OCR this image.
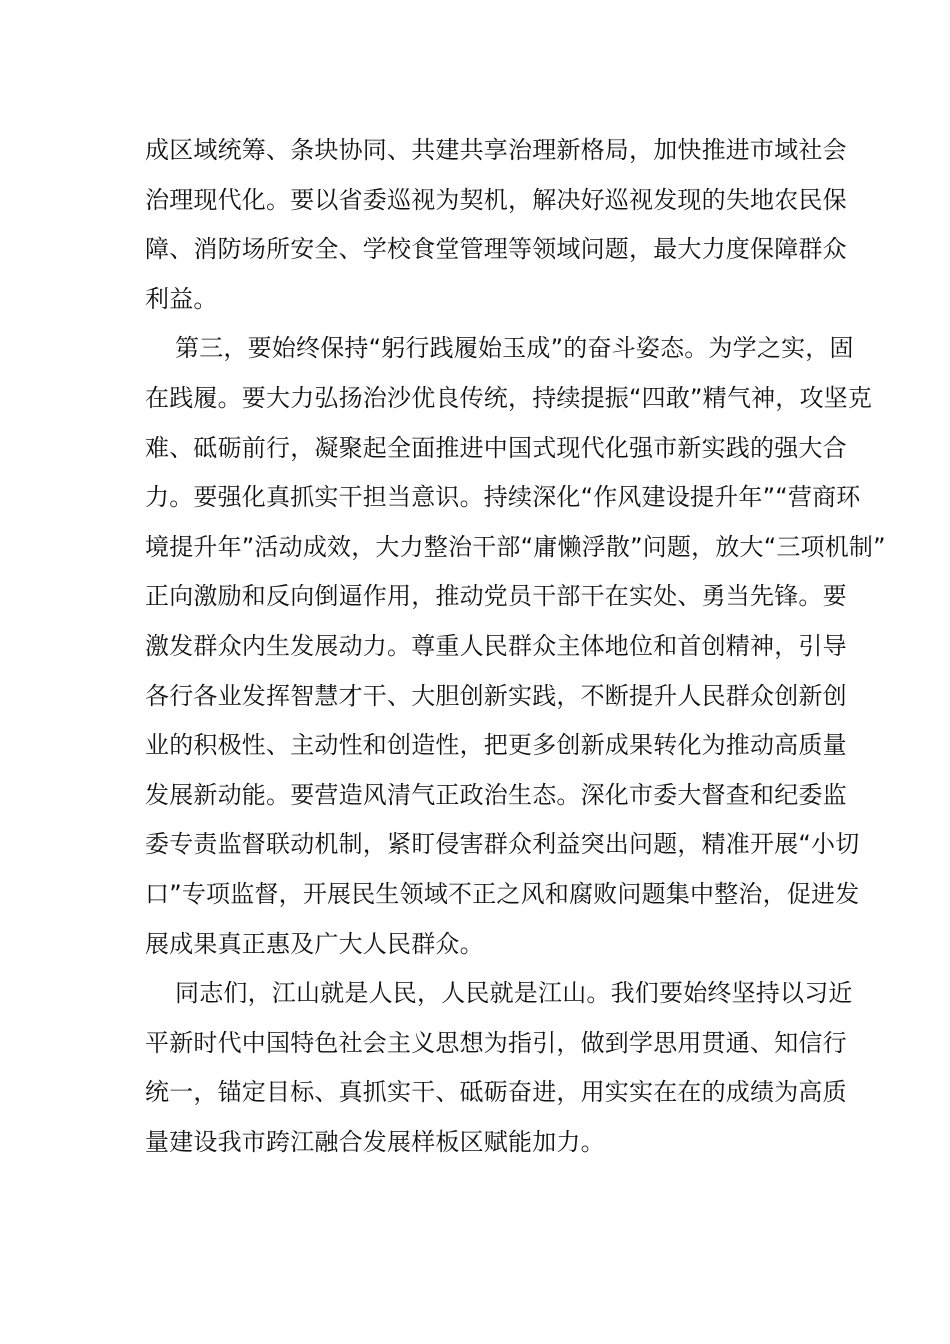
成区域统筹、条块协同、共建共享治理新格局，加快推进市域社会
治理现代化。要以省委巡视为契机，解决好巡视发现的失地农民保
障、消防场所安全、学校食堂管理等领域问题，最大力度保障群众
利益。
第三，要始终保持“躬行践履始玉成”的奋斗姿态。为学之实，固
在践履。要大力弘扬治沙优良传统，持续提振“四敢”精气神，攻坚克
难、砥砺前行，凝聚起全面推进中国式现代化强市新实践的强大合
力。要强化真抓实干担当意识。持续深化“作风建设提升年”“营商环
境提升年”活动成效，大力整治干部“庸懒浮散”问题，放大“三项机制”
正向激励和反向倒逼作用，推动党员干部干在实处、勇当先锋。要
激发群众内生发展动力。尊重人民群众主体地位和首创精神，引导
各行各业发挥智慧才干、大胆创新实践，不断提升人民群众创新创
业的积极性、主动性和创造性，把更多创新成果转化为推动高质量
发展新动能。要营造风清气正政治生态。深化市委大督查和纪委监
委专责监督联动机制，紧盯侵害群众利益突出问题，精准开展“小切
口”专项监督，开展民生领域不正之风和腐败问题集中整治，促进发
展成果真正惠及广大人民群众。
同志们，江山就是人民，人民就是江山。我们要始终坚持以习近
平新时代中国特色社会主义思想为指引，做到学思用贯通、知信行
统一，锚定目标、真抓实干、砥砺奋进，用实实在在的成绩为高质
量建设我市跨江融合发展样板区赋能加力。
